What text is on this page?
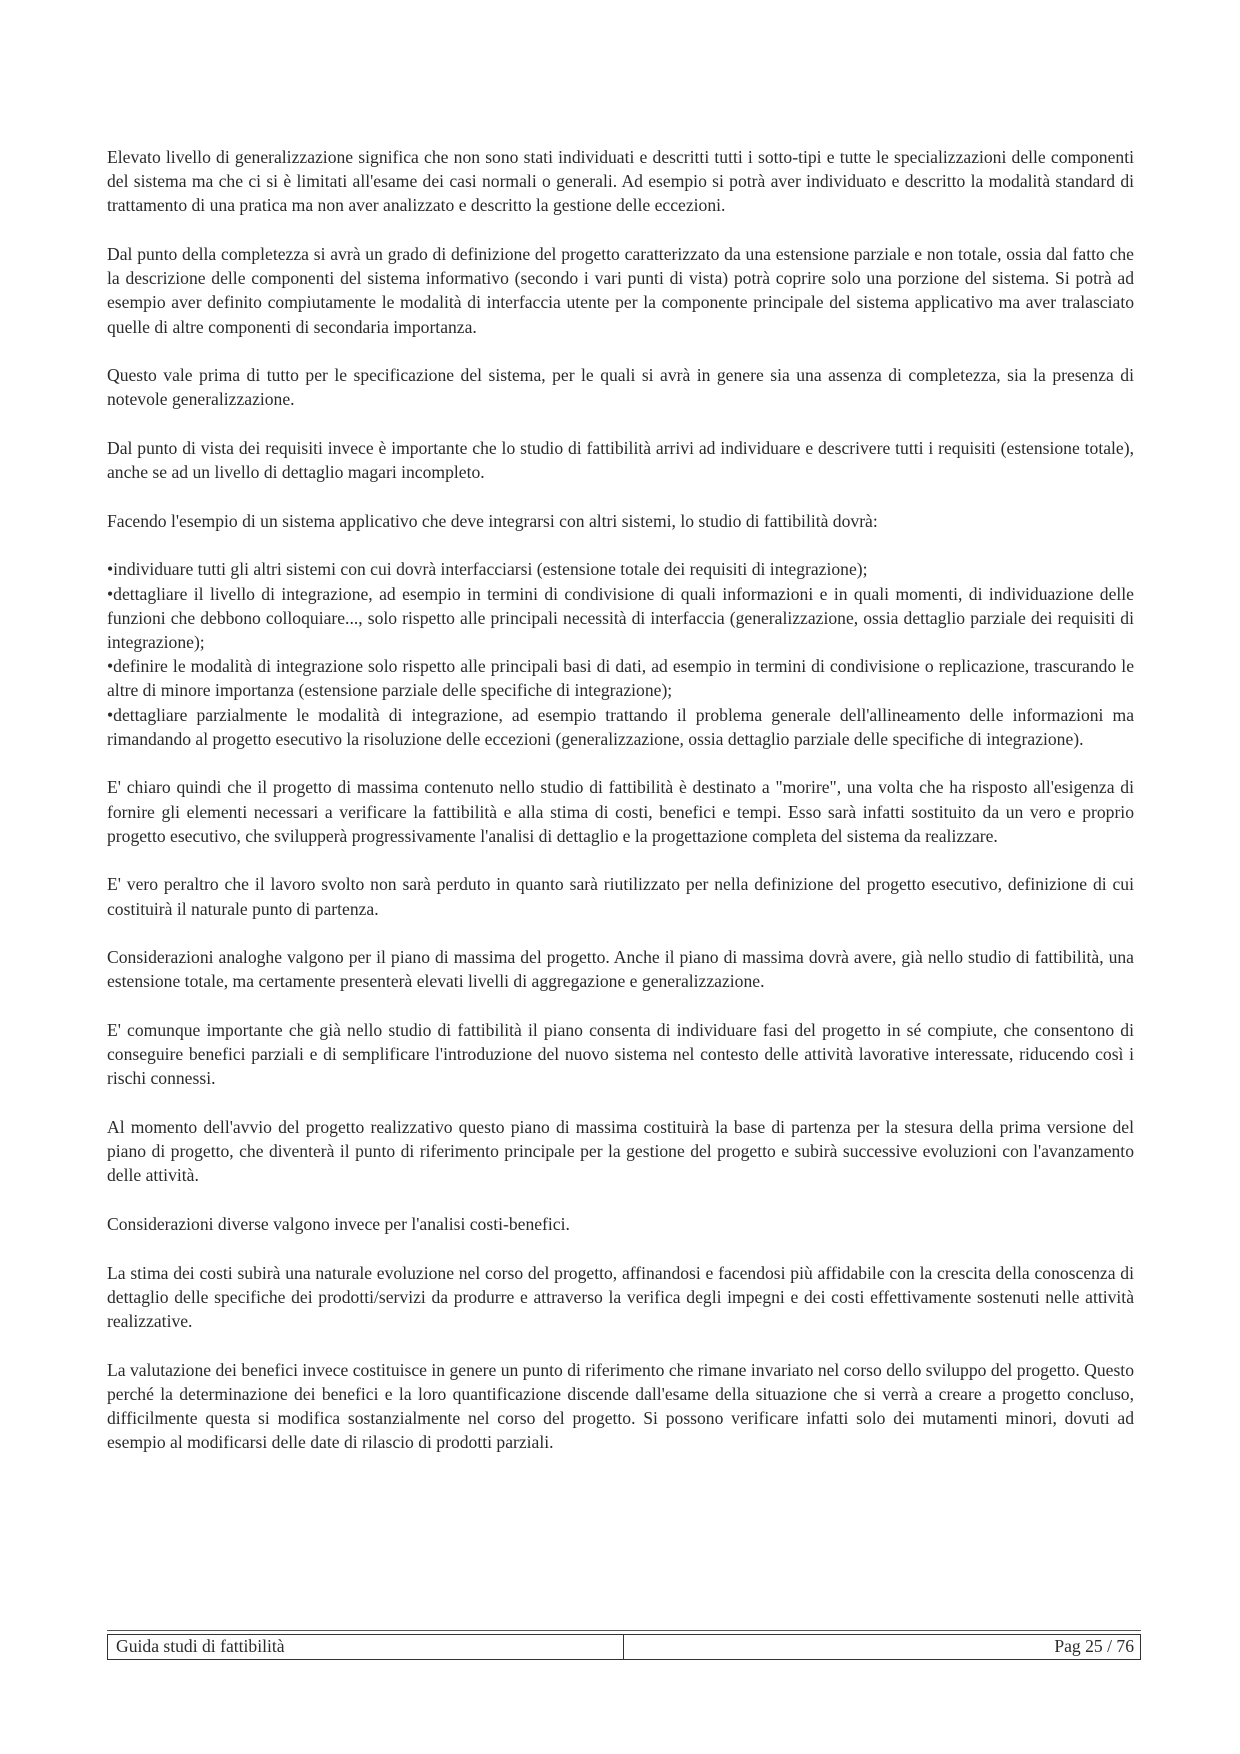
Elevato livello di generalizzazione significa che non sono stati individuati e descritti tutti i sotto-tipi e tutte le specializzazioni delle componenti del sistema ma che ci si è limitati all'esame dei casi normali o generali. Ad esempio si potrà aver individuato e descritto la modalità standard di trattamento di una pratica ma non aver analizzato e descritto la gestione delle eccezioni.

Dal punto della completezza si avrà un grado di definizione del progetto caratterizzato da una estensione parziale e non totale, ossia dal fatto che la descrizione delle componenti del sistema informativo (secondo i vari punti di vista) potrà coprire solo una porzione del sistema. Si potrà ad esempio aver definito compiutamente le modalità di interfaccia utente per la componente principale del sistema applicativo ma aver tralasciato quelle di altre componenti di secondaria importanza.

Questo vale prima di tutto per le specificazione del sistema, per le quali si avrà in genere sia una assenza di completezza, sia la presenza di notevole generalizzazione.

Dal punto di vista dei requisiti invece è importante che lo studio di fattibilità arrivi ad individuare e descrivere tutti i requisiti (estensione totale), anche se ad un livello di dettaglio magari incompleto.

Facendo l'esempio di un sistema applicativo che deve integrarsi con altri sistemi, lo studio di fattibilità dovrà:

•individuare tutti gli altri sistemi con cui dovrà interfacciarsi (estensione totale dei requisiti di integrazione);
•dettagliare il livello di integrazione, ad esempio in termini di condivisione di quali informazioni e in quali momenti, di individuazione delle funzioni che debbono colloquiare..., solo rispetto alle principali necessità di interfaccia (generalizzazione, ossia dettaglio parziale dei requisiti di integrazione);
•definire le modalità di integrazione solo rispetto alle principali basi di dati, ad esempio in termini di condivisione o replicazione, trascurando le altre di minore importanza (estensione parziale delle specifiche di integrazione);
•dettagliare parzialmente le modalità di integrazione, ad esempio trattando il problema generale dell'allineamento delle informazioni ma rimandando al progetto esecutivo la risoluzione delle eccezioni (generalizzazione, ossia dettaglio parziale delle specifiche di integrazione).

E' chiaro quindi che il progetto di massima contenuto nello studio di fattibilità è destinato a "morire", una volta che ha risposto all'esigenza di fornire gli elementi necessari a verificare la fattibilità e alla stima di costi, benefici e tempi. Esso sarà infatti sostituito da un vero e proprio progetto esecutivo, che svilupperà progressivamente l'analisi di dettaglio e la progettazione completa del sistema da realizzare.

E' vero peraltro che il lavoro svolto non sarà perduto in quanto sarà riutilizzato per nella definizione del progetto esecutivo, definizione di cui costituirà il naturale punto di partenza.

Considerazioni analoghe valgono per il piano di massima del progetto. Anche il piano di massima dovrà avere, già nello studio di fattibilità, una estensione totale, ma certamente presenterà elevati livelli di aggregazione e generalizzazione.

E' comunque importante che già nello studio di fattibilità il piano consenta di individuare fasi del progetto in sé compiute, che consentono di conseguire benefici parziali e di semplificare l'introduzione del nuovo sistema nel contesto delle attività lavorative interessate, riducendo così i rischi connessi.

Al momento dell'avvio del progetto realizzativo questo piano di massima costituirà la base di partenza per la stesura della prima versione del piano di progetto, che diventerà il punto di riferimento principale per la gestione del progetto e subirà successive evoluzioni con l'avanzamento delle attività.

Considerazioni diverse valgono invece per l'analisi costi-benefici.

La stima dei costi subirà una naturale evoluzione nel corso del progetto, affinandosi e facendosi più affidabile con la crescita della conoscenza di dettaglio delle specifiche dei prodotti/servizi da produrre e attraverso la verifica degli impegni e dei costi effettivamente sostenuti nelle attività realizzative.

La valutazione dei benefici invece costituisce in genere un punto di riferimento che rimane invariato nel corso dello sviluppo del progetto. Questo perché la determinazione dei benefici e la loro quantificazione discende dall'esame della situazione che si verrà a creare a progetto concluso, difficilmente questa si modifica sostanzialmente nel corso del progetto. Si possono verificare infatti solo dei mutamenti minori, dovuti ad esempio al modificarsi delle date di rilascio di prodotti parziali.

Guida studi di fattibilità	Pag 25 / 76
